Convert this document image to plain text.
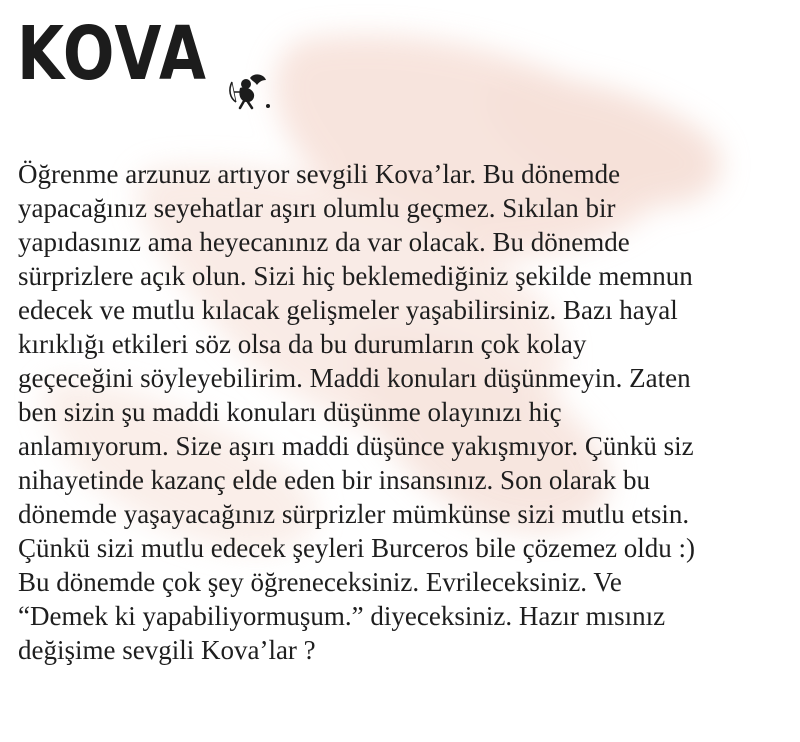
KOVA
Öğrenme arzunuz artıyor sevgili Kova’lar. Bu dönemde
yapacağınız seyehatlar aşırı olumlu geçmez. Sıkılan bir
yapıdasınız ama heyecanınız da var olacak. Bu dönemde
sürprizlere açık olun. Sizi hiç beklemediğiniz şekilde memnun
edecek ve mutlu kılacak gelişmeler yaşabilirsiniz. Bazı hayal
kırıklığı etkileri söz olsa da bu durumların çok kolay
geçeceğini söyleyebilirim. Maddi konuları düşünmeyin. Zaten
ben sizin şu maddi konuları düşünme olayınızı hiç
anlamıyorum. Size aşırı maddi düşünce yakışmıyor. Çünkü siz
nihayetinde kazanç elde eden bir insansınız. Son olarak bu
dönemde yaşayacağınız sürprizler mümkünse sizi mutlu etsin.
Çünkü sizi mutlu edecek şeyleri Burceros bile çözemez oldu :)
Bu dönemde çok şey öğreneceksiniz. Evrileceksiniz. Ve
“Demek ki yapabiliyormuşum.” diyeceksiniz. Hazır mısınız
değişime sevgili Kova’lar ?
